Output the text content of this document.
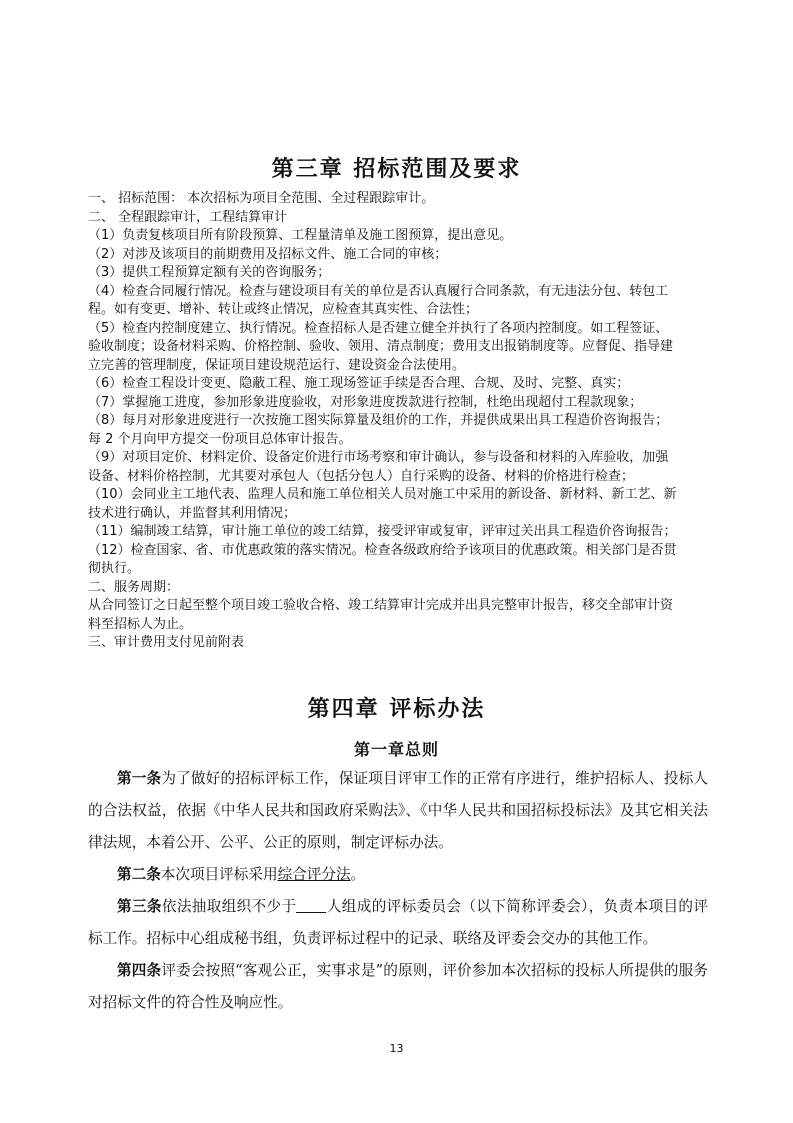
第三章 招标范围及要求
一、 招标范围： 本次招标为项目全范围、全过程跟踪审计。
二、 全程跟踪审计，工程结算审计
（1）负责复核项目所有阶段预算、工程量清单及施工图预算，提出意见。
（2）对涉及该项目的前期费用及招标文件、施工合同的审核；
（3）提供工程预算定额有关的咨询服务；
（4）检查合同履行情况。检查与建设项目有关的单位是否认真履行合同条款，有无违法分包、转包工
程。如有变更、增补、转让或终止情况，应检查其真实性、合法性；
（5）检查内控制度建立、执行情况。检查招标人是否建立健全并执行了各项内控制度。如工程签证、
验收制度；设备材料采购、价格控制、验收、领用、清点制度；费用支出报销制度等。应督促、指导建
立完善的管理制度，保证项目建设规范运行、建设资金合法使用。
（6）检查工程设计变更、隐蔽工程、施工现场签证手续是否合理、合规、及时、完整、真实；
（7）掌握施工进度，参加形象进度验收，对形象进度拨款进行控制，杜绝出现超付工程款现象；
（8）每月对形象进度进行一次按施工图实际算量及组价的工作，并提供成果出具工程造价咨询报告；
每 2 个月向甲方提交一份项目总体审计报告。
（9）对项目定价、材料定价、设备定价进行市场考察和审计确认，参与设备和材料的入库验收，加强
设备、材料价格控制，尤其要对承包人（包括分包人）自行采购的设备、材料的价格进行检查；
（10）会同业主工地代表、监理人员和施工单位相关人员对施工中采用的新设备、新材料、新工艺、新
技术进行确认，并监督其利用情况；
（11）编制竣工结算，审计施工单位的竣工结算，接受评审或复审，评审过关出具工程造价咨询报告；
（12）检查国家、省、市优惠政策的落实情况。检查各级政府给予该项目的优惠政策。相关部门是否贯
彻执行。
二、服务周期：
从合同签订之日起至整个项目竣工验收合格、竣工结算审计完成并出具完整审计报告，移交全部审计资
料至招标人为止。
三、审计费用支付见前附表
第四章 评标办法
第一章总则
第一条为了做好的招标评标工作，保证项目评审工作的正常有序进行，维护招标人、投标人的合法权益，依据《中华人民共和国政府采购法》、《中华人民共和国招标投标法》及其它相关法律法规，本着公开、公平、公正的原则，制定评标办法。
第二条本次项目评标采用综合评分法。
第三条依法抽取组织不少于 人组成的评标委员会（以下简称评委会），负责本项目的评标工作。招标中心组成秘书组，负责评标过程中的记录、联络及评委会交办的其他工作。
第四条评委会按照“客观公正，实事求是”的原则，评价参加本次招标的投标人所提供的服务对招标文件的符合性及响应性。
13
